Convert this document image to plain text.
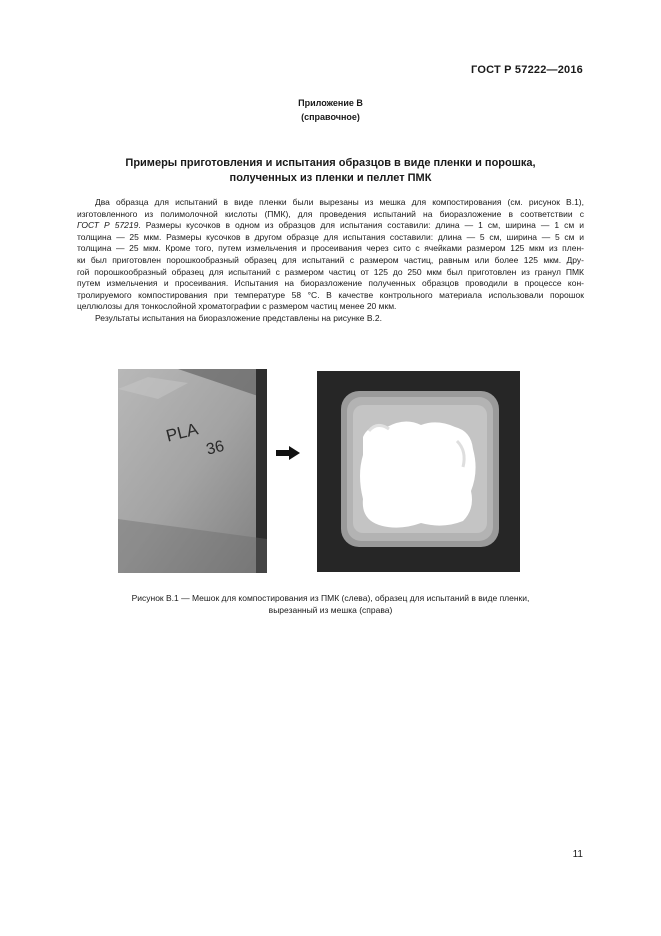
ГОСТ Р 57222—2016
Приложение В
(справочное)
Примеры приготовления и испытания образцов в виде пленки и порошка,
полученных из пленки и пеллет ПМК
Два образца для испытаний в виде пленки были вырезаны из мешка для компостирования (см. рисунок В.1),
изготовленного из полимолочной кислоты (ПМК), для проведения испытаний на биоразложение в соответствии с
ГОСТ Р 57219. Размеры кусочков в одном из образцов для испытания составили: длина — 1 см, ширина — 1 см и
толщина — 25 мкм. Размеры кусочков в другом образце для испытания составили: длина — 5 см, ширина — 5 см и
толщина — 25 мкм. Кроме того, путем измельчения и просеивания через сито с ячейками размером 125 мкм из плен-
ки был приготовлен порошкообразный образец для испытаний с размером частиц, равным или более 125 мкм. Дру-
гой порошкообразный образец для испытаний с размером частиц от 125 до 250 мкм был приготовлен из гранул ПМК
путем измельчения и просеивания. Испытания на биоразложение полученных образцов проводили в процессе кон-
тролируемого компостирования при температуре 58 °С. В качестве контрольного материала использовали порошок
целлюлозы для тонкослойной хроматографии с размером частиц менее 20 мкм.
Результаты испытания на биоразложение представлены на рисунке В.2.
PLA
36
Рисунок В.1 — Мешок для компостирования из ПМК (слева), образец для испытаний в виде пленки,
вырезанный из мешка (справа)
11
